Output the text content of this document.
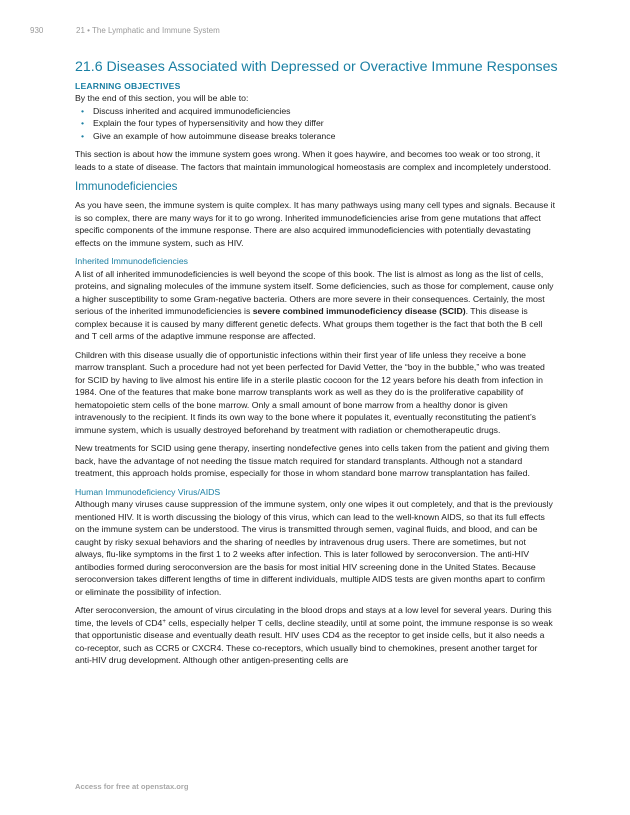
930	21 • The Lymphatic and Immune System
21.6 Diseases Associated with Depressed or Overactive Immune Responses
LEARNING OBJECTIVES

By the end of this section, you will be able to:

• Discuss inherited and acquired immunodeficiencies
• Explain the four types of hypersensitivity and how they differ
• Give an example of how autoimmune disease breaks tolerance

This section is about how the immune system goes wrong. When it goes haywire, and becomes too weak or too strong, it leads to a state of disease. The factors that maintain immunological homeostasis are complex and incompletely understood.

Immunodeficiencies

As you have seen, the immune system is quite complex. It has many pathways using many cell types and signals. Because it is so complex, there are many ways for it to go wrong. Inherited immunodeficiencies arise from gene mutations that affect specific components of the immune response. There are also acquired immunodeficiencies with potentially devastating effects on the immune system, such as HIV.

Inherited Immunodeficiencies

A list of all inherited immunodeficiencies is well beyond the scope of this book. The list is almost as long as the list of cells, proteins, and signaling molecules of the immune system itself. Some deficiencies, such as those for complement, cause only a higher susceptibility to some Gram-negative bacteria. Others are more severe in their consequences. Certainly, the most serious of the inherited immunodeficiencies is severe combined immunodeficiency disease (SCID). This disease is complex because it is caused by many different genetic defects. What groups them together is the fact that both the B cell and T cell arms of the adaptive immune response are affected.

Children with this disease usually die of opportunistic infections within their first year of life unless they receive a bone marrow transplant. Such a procedure had not yet been perfected for David Vetter, the “boy in the bubble,” who was treated for SCID by having to live almost his entire life in a sterile plastic cocoon for the 12 years before his death from infection in 1984. One of the features that make bone marrow transplants work as well as they do is the proliferative capability of hematopoietic stem cells of the bone marrow. Only a small amount of bone marrow from a healthy donor is given intravenously to the recipient. It finds its own way to the bone where it populates it, eventually reconstituting the patient’s immune system, which is usually destroyed beforehand by treatment with radiation or chemotherapeutic drugs.

New treatments for SCID using gene therapy, inserting nondefective genes into cells taken from the patient and giving them back, have the advantage of not needing the tissue match required for standard transplants. Although not a standard treatment, this approach holds promise, especially for those in whom standard bone marrow transplantation has failed.

Human Immunodeficiency Virus/AIDS

Although many viruses cause suppression of the immune system, only one wipes it out completely, and that is the previously mentioned HIV. It is worth discussing the biology of this virus, which can lead to the well-known AIDS, so that its full effects on the immune system can be understood. The virus is transmitted through semen, vaginal fluids, and blood, and can be caught by risky sexual behaviors and the sharing of needles by intravenous drug users. There are sometimes, but not always, flu-like symptoms in the first 1 to 2 weeks after infection. This is later followed by seroconversion. The anti-HIV antibodies formed during seroconversion are the basis for most initial HIV screening done in the United States. Because seroconversion takes different lengths of time in different individuals, multiple AIDS tests are given months apart to confirm or eliminate the possibility of infection.

After seroconversion, the amount of virus circulating in the blood drops and stays at a low level for several years. During this time, the levels of CD4+ cells, especially helper T cells, decline steadily, until at some point, the immune response is so weak that opportunistic disease and eventually death result. HIV uses CD4 as the receptor to get inside cells, but it also needs a co-receptor, such as CCR5 or CXCR4. These co-receptors, which usually bind to chemokines, present another target for anti-HIV drug development. Although other antigen-presenting cells are

Access for free at openstax.org
